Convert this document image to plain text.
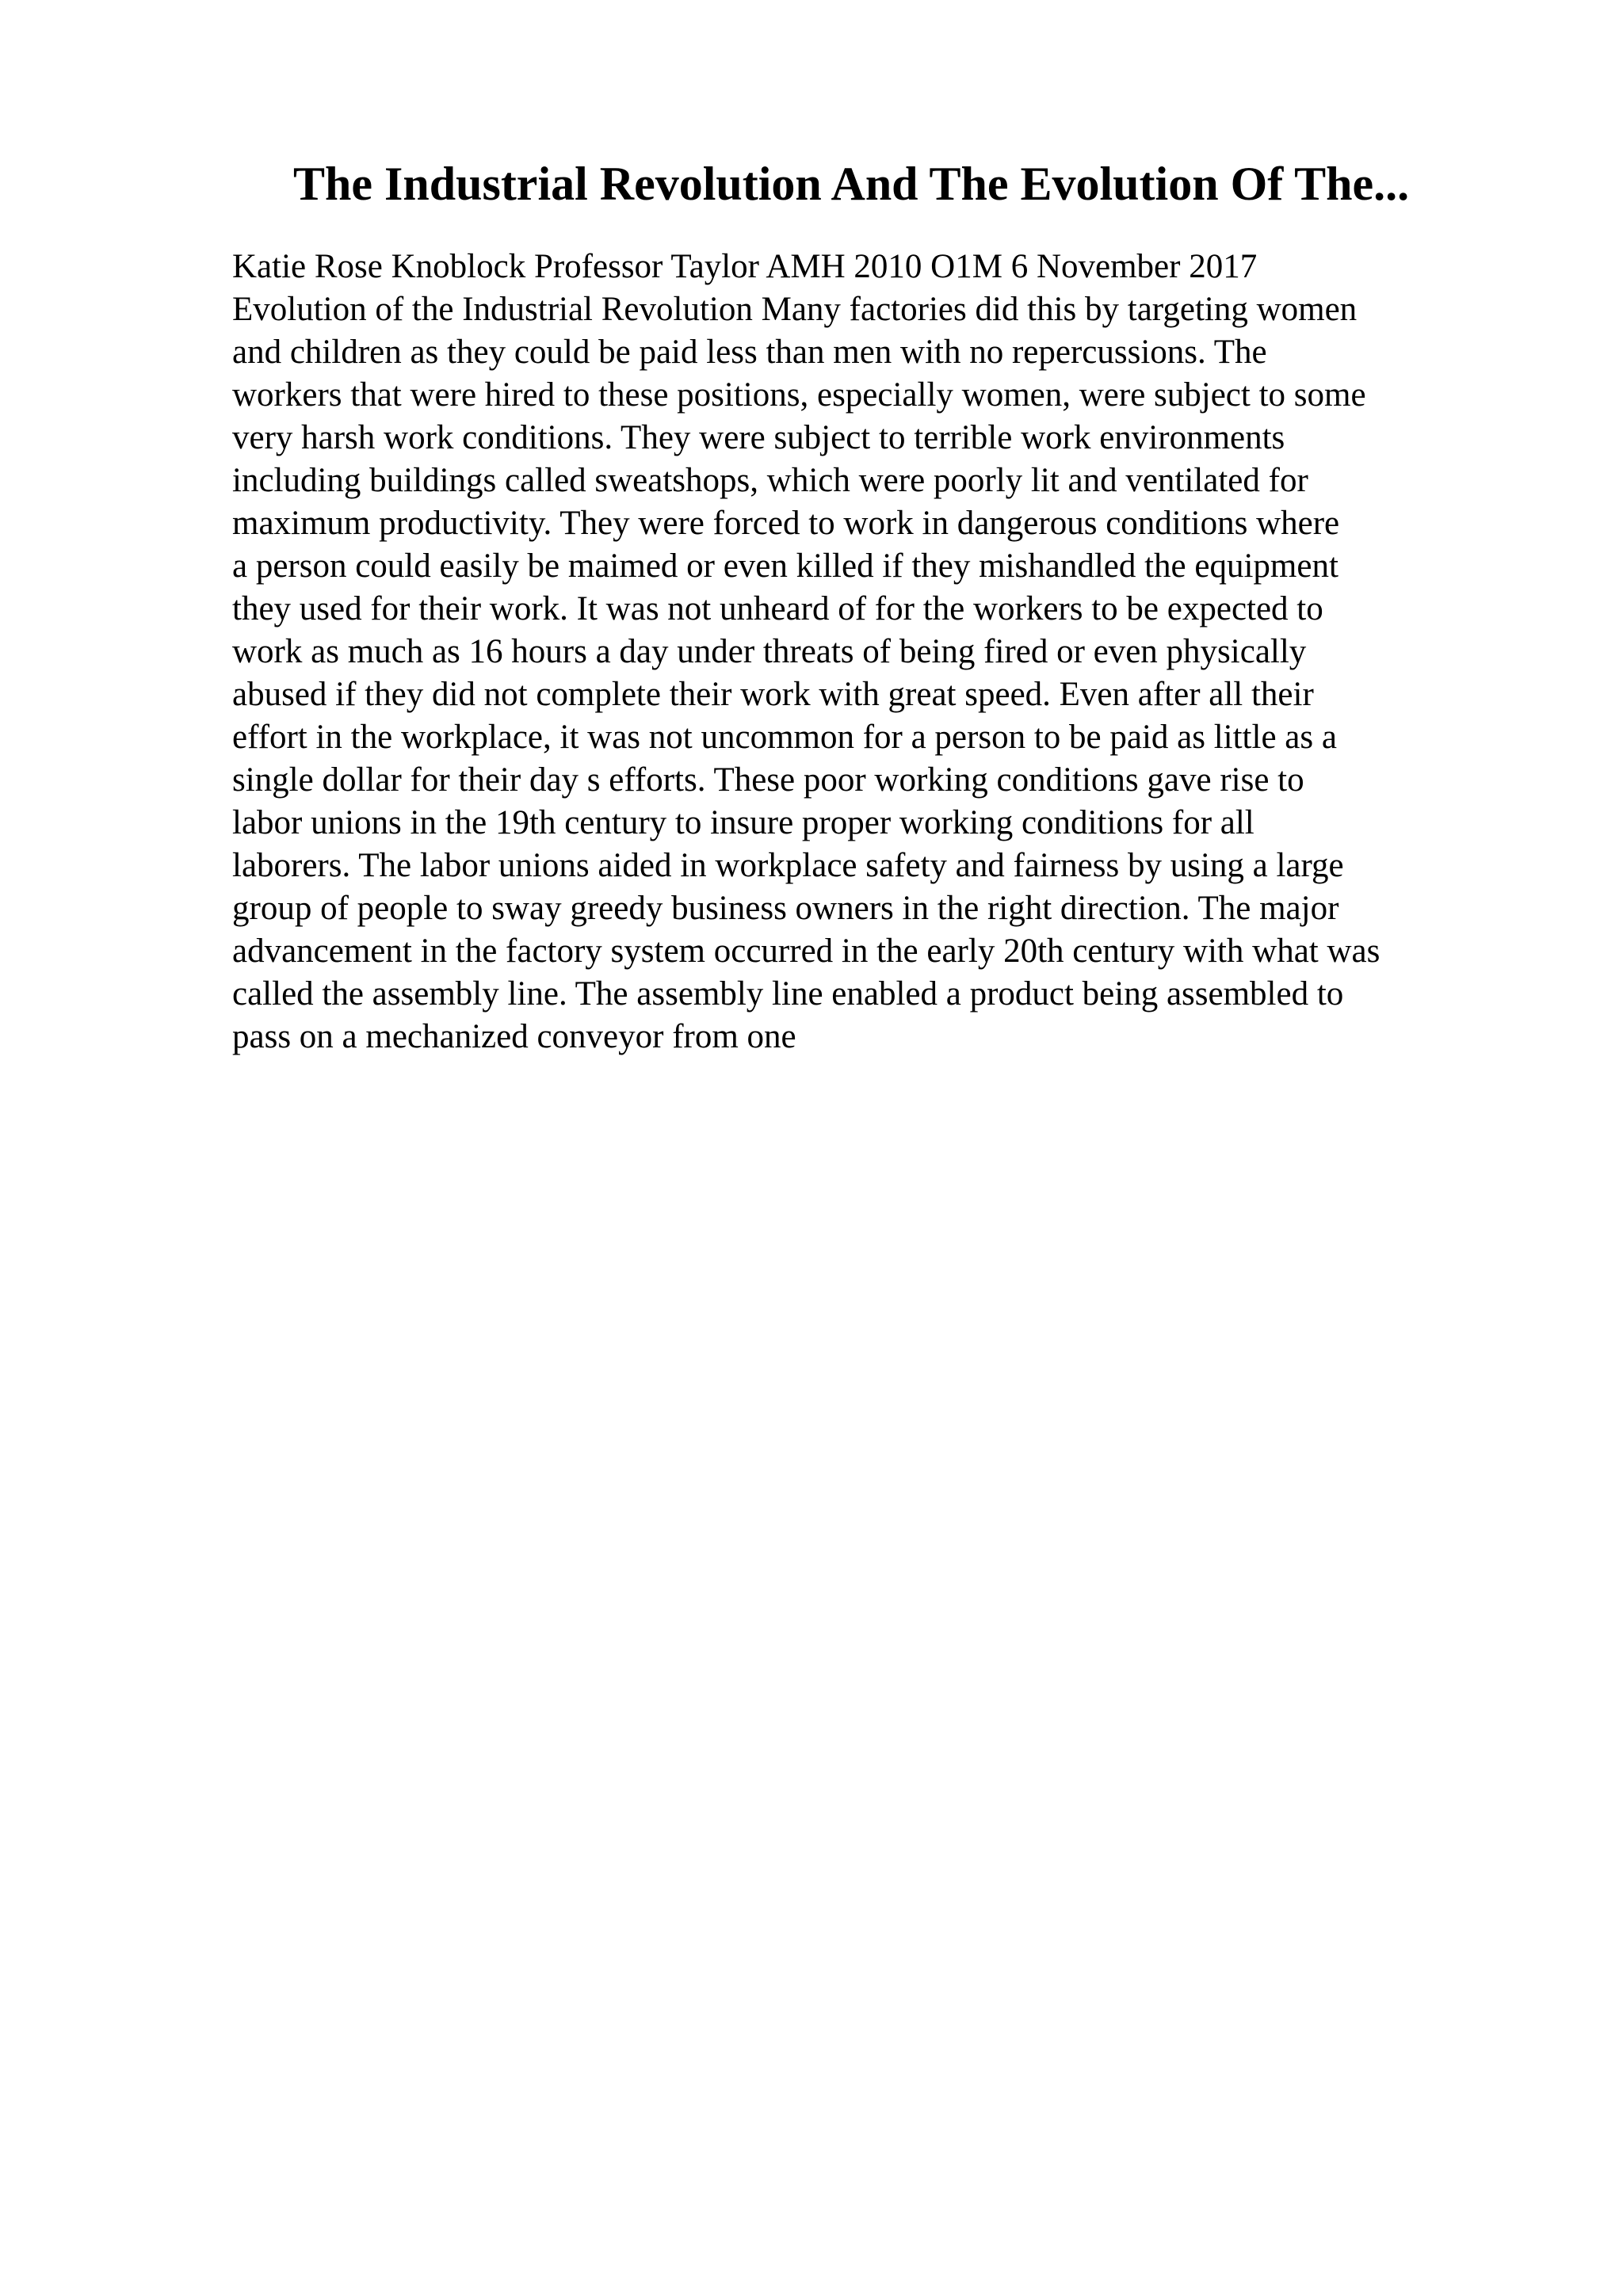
The Industrial Revolution And The Evolution Of The...
Katie Rose Knoblock Professor Taylor AMH 2010 O1M 6 November 2017
Evolution of the Industrial Revolution Many factories did this by targeting women
and children as they could be paid less than men with no repercussions. The
workers that were hired to these positions, especially women, were subject to some
very harsh work conditions. They were subject to terrible work environments
including buildings called sweatshops, which were poorly lit and ventilated for
maximum productivity. They were forced to work in dangerous conditions where
a person could easily be maimed or even killed if they mishandled the equipment
they used for their work. It was not unheard of for the workers to be expected to
work as much as 16 hours a day under threats of being fired or even physically
abused if they did not complete their work with great speed. Even after all their
effort in the workplace, it was not uncommon for a person to be paid as little as a
single dollar for their day s efforts. These poor working conditions gave rise to
labor unions in the 19th century to insure proper working conditions for all
laborers. The labor unions aided in workplace safety and fairness by using a large
group of people to sway greedy business owners in the right direction. The major
advancement in the factory system occurred in the early 20th century with what was
called the assembly line. The assembly line enabled a product being assembled to
pass on a mechanized conveyor from one
